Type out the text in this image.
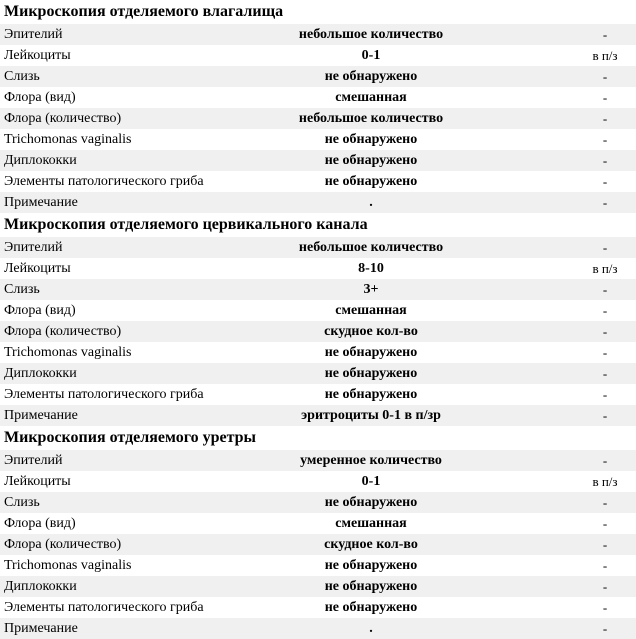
Микроскопия отделяемого влагалища
Эпителий	небольшое количество	-
Лейкоциты	0-1	в п/з
Слизь	не обнаружено	-
Флора (вид)	смешанная	-
Флора (количество)	небольшое количество	-
Trichomonas vaginalis	не обнаружено	-
Диплококки	не обнаружено	-
Элементы патологического гриба	не обнаружено	-
Примечание	.	-
Микроскопия отделяемого цервикального канала
Эпителий	небольшое количество	-
Лейкоциты	8-10	в п/з
Слизь	3+	-
Флора (вид)	смешанная	-
Флора (количество)	скудное кол-во	-
Trichomonas vaginalis	не обнаружено	-
Диплококки	не обнаружено	-
Элементы патологического гриба	не обнаружено	-
Примечание	эритроциты 0-1 в п/зр	-
Микроскопия отделяемого уретры
Эпителий	умеренное количество	-
Лейкоциты	0-1	в п/з
Слизь	не обнаружено	-
Флора (вид)	смешанная	-
Флора (количество)	скудное кол-во	-
Trichomonas vaginalis	не обнаружено	-
Диплококки	не обнаружено	-
Элементы патологического гриба	не обнаружено	-
Примечание	.	-
